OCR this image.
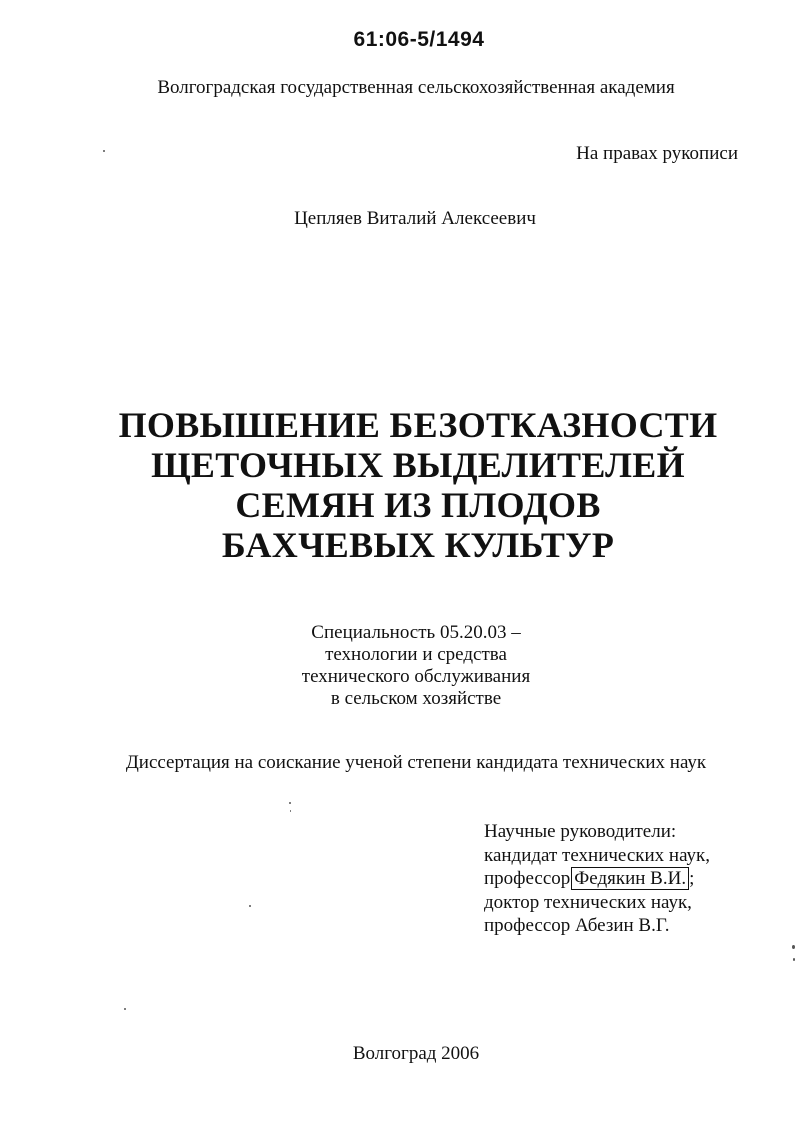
61:06-5/1494
Волгоградская государственная сельскохозяйственная академия
На правах рукописи
Цепляев Виталий Алексеевич
ПОВЫШЕНИЕ БЕЗОТКАЗНОСТИ
ЩЕТОЧНЫХ ВЫДЕЛИТЕЛЕЙ
СЕМЯН ИЗ ПЛОДОВ
БАХЧЕВЫХ КУЛЬТУР
Специальность 05.20.03 –
технологии и средства
технического обслуживания
в сельском хозяйстве
Диссертация на соискание ученой степени кандидата технических наук
Научные руководители:
кандидат технических наук,
профессор Федякин В.И. ;
доктор технических наук,
профессор Абезин В.Г.
Волгоград 2006
